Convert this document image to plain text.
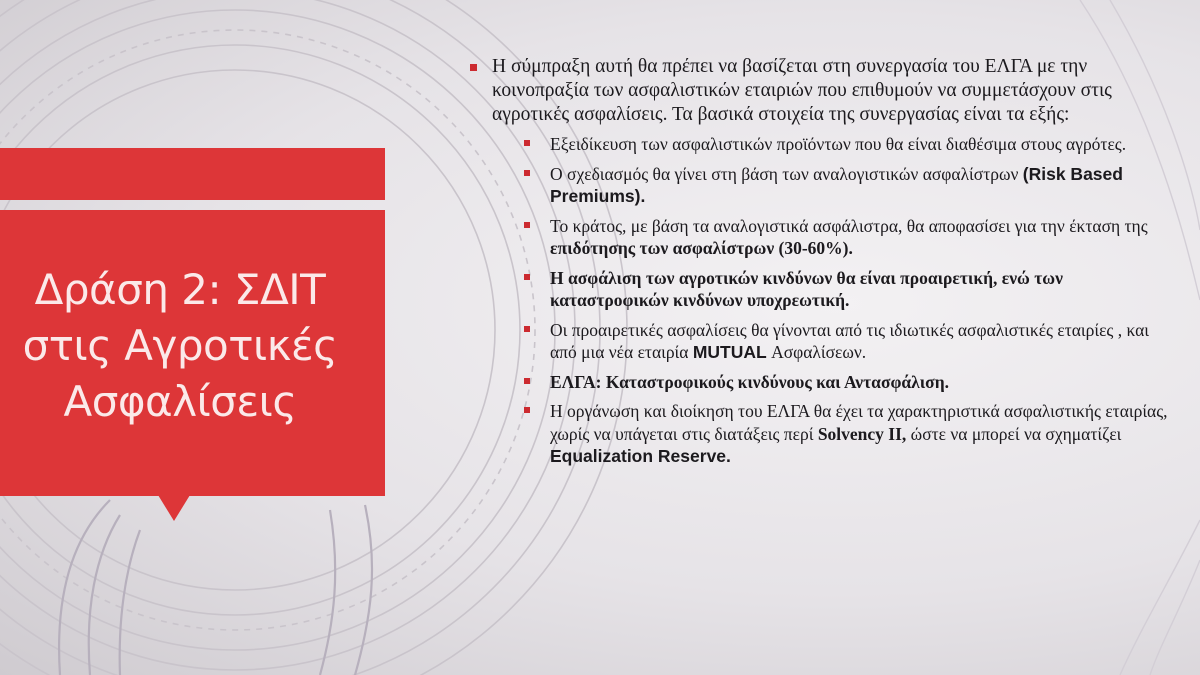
Δράση 2: ΣΔΙΤ
στις Αγροτικές
Ασφαλίσεις
Η σύμπραξη αυτή θα πρέπει να βασίζεται στη συνεργασία του ΕΛΓΑ με την κοινοπραξία των ασφαλιστικών εταιριών που επιθυμούν να συμμετάσχουν στις αγροτικές ασφαλίσεις. Τα βασικά στοιχεία της συνεργασίας είναι τα εξής:
Εξειδίκευση των ασφαλιστικών προϊόντων που θα είναι διαθέσιμα στους αγρότες.
Ο σχεδιασμός θα γίνει στη βάση των αναλογιστικών ασφαλίστρων (Risk Based Premiums).
Το κράτος, με βάση τα αναλογιστικά ασφάλιστρα, θα αποφασίσει για την έκταση της επιδότησης των ασφαλίστρων (30-60%).
Η ασφάλιση των αγροτικών κινδύνων θα είναι προαιρετική, ενώ των καταστροφικών κινδύνων υποχρεωτική.
Οι προαιρετικές ασφαλίσεις θα γίνονται από τις ιδιωτικές ασφαλιστικές εταιρίες , και από μια νέα εταιρία MUTUAL Ασφαλίσεων.
ΕΛΓΑ: Καταστροφικούς κινδύνους και Αντασφάλιση.
Η οργάνωση και διοίκηση του ΕΛΓΑ θα έχει τα χαρακτηριστικά ασφαλιστικής εταιρίας, χωρίς να υπάγεται στις διατάξεις περί Solvency II, ώστε να μπορεί να σχηματίζει Equalization Reserve.
